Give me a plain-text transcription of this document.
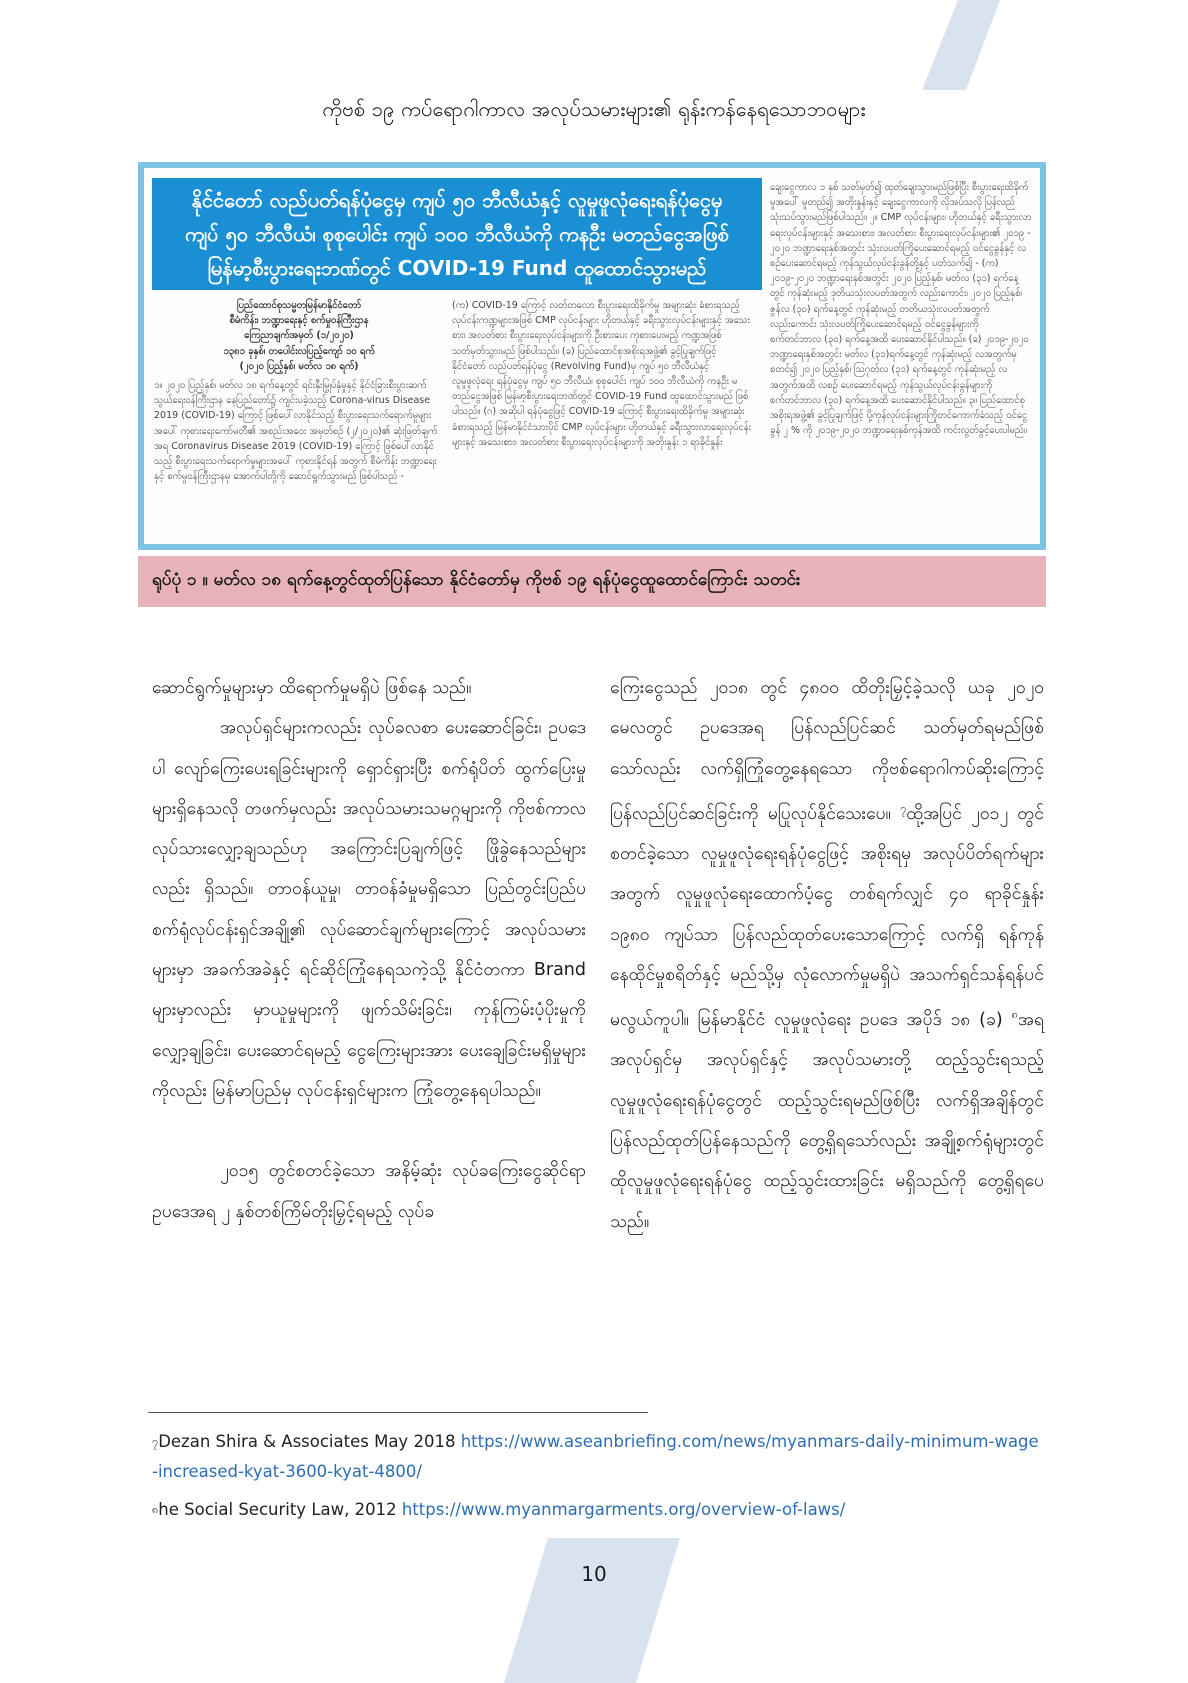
ကိုဗစ် ၁၉ ကပ်ရောဂါကာလ အလုပ်သမားများ၏ ရုန်းကန်နေရသောဘဝများ
နိုင်ငံတော် လည်ပတ်ရန်ပုံငွေမှ ကျပ် ၅၀ ဘီလီယံနှင့် လူမှုဖူလုံရေးရန်ပုံငွေမှ
ကျပ် ၅၀ ဘီလီယံ၊ စုစုပေါင်း ကျပ် ၁၀၀ ဘီလီယံကို ကနဦး မတည်ငွေအဖြစ်
မြန်မာ့စီးပွားရေးဘဏ်တွင် COVID-19 Fund ထူထောင်သွားမည်

ပြည်ထောင်စုသမ္မတမြန်မာနိုင်ငံတော်

စီမံကိန်း၊ ဘဏ္ဍာရေးနှင့် စက်မှုဝန်ကြီးဌာန

ကြေညာချက်အမှတ် (၁/၂၀၂၀)

၁၃၈၁ ခုနှစ်၊ တပေါင်းလပြည့်ကျော် ၁၀ ရက်

(၂၀၂၀ ပြည့်နှစ်၊ မတ်လ ၁၈ ရက်)

၁။ ၂၀၂၀ ပြည့်နှစ်၊ မတ်လ ၁၈ ရက်နေ့တွင် ရင်းနှီးမြှုပ်နှံမှုနှင့် နိုင်ငံခြားစီးပွားဆက်သွယ်ရေးဝန်ကြီးဌာန နေပြည်တော်၌ ကျင်းပခဲ့သည့် Corona-virus Disease 2019 (COVID-19) ကြောင့် ဖြစ်ပေါ်လာနိုင်သည့် စီးပွားရေးသက်ရောက်မှုများအပေါ် ကုစားရေးကော်မတီ၏ အစည်းအဝေး အမှတ်စဉ် (၂/၂၀၂၀)၏ ဆုံးဖြတ်ချက်အရ Coronavirus Disease 2019 (COVID-19) ကြောင့် ဖြစ်ပေါ်လာနိုင်သည့် စီးပွားရေးသက်ရောက်မှုများအပေါ် ကုစားနိုင်ရန် အတွက် စီမံကိန်း ဘဏ္ဍာရေးနှင့် စက်မှုဝန်ကြီးဌာနမှ အောက်ပါတို့ကို ဆောင်ရွက်သွားမည် ဖြစ်ပါသည် -

(က) COVID-19 ကြောင့် လတ်တလော စီးပွားရေးထိခိုက်မှု အများဆုံး ခံစားရသည့် လုပ်ငန်းကဏ္ဍများအဖြစ် CMP လုပ်ငန်းများ ဟိုတယ်နှင့် ခရီးသွားလုပ်ငန်းများနှင့် အသေးစား၊ အလတ်စား စီးပွားရေးလုပ်ငန်းများကို ဦးစားပေး ကုစားပေးမည့် ကဏ္ဍအဖြစ် သတ်မှတ်သွားမည် ဖြစ်ပါသည်။ (ခ) ပြည်ထောင်စုအစိုးရအဖွဲ့၏ ခွင့်ပြုချက်ဖြင့် နိုင်ငံတော် လည်ပတ်ရန်ပုံငွေ (Revolving Fund)မှ ကျပ် ၅၀ ဘီလီယံနှင့် လူမှုဖူလုံရေး ရန်ပုံငွေမှ ကျပ် ၅၀ ဘီလီယံ၊ စုစုပေါင်း ကျပ် ၁၀၀ ဘီလီယံကို ကနဦး မတည်ငွေအဖြစ် မြန်မာ့စီးပွားရေးဘဏ်တွင် COVID-19 Fund ထူထောင်သွားမည် ဖြစ်ပါသည်။ (ဂ) အဆိုပါ ရန်ပုံငွေဖြင့် COVID-19 ကြောင့် စီးပွားရေးထိခိုက်မှု အများဆုံး ခံစားရသည့် မြန်မာနိုင်ငံသားပိုင် CMP လုပ်ငန်းများ ဟိုတယ်နှင့် ခရီးသွားလာရေးလုပ်ငန်းများနှင့် အသေးစား၊ အလတ်စား စီးပွားရေးလုပ်ငန်းများကို အတိုးနှုန်း ၁ ရာခိုင်နှုန်း

ချေးငွေကာလ ၁ နှစ် သတ်မှတ်၍ ထုတ်ချေးသွားမည်ဖြစ်ပြီး စီးပွားရေးထိခိုက်မှုအပေါ် မူတည်၍ အတိုးနှုန်းနှင့် ချေးငွေကာလကို လိုအပ်သလို ပြန်လည်သုံးသပ်သွားမည်ဖြစ်ပါသည်။ ၂။ CMP လုပ်ငန်းများ၊ ဟိုတယ်နှင့် ခရီးသွားလာရေးလုပ်ငန်းများနှင့် အသေးစား၊ အလတ်စား စီးပွားရေးလုပ်ငန်းများ၏ ၂၀၁၉ - ၂၀၂၀ ဘဏ္ဍာရေးနှစ်အတွင်း သုံးလပတ်ကြိုပေးဆောင်ရမည့် ဝင်ငွေခွန်နှင့် လစဉ်ပေးဆောင်ရမည့် ကုန်သွယ်လုပ်ငန်းခွန်တို့နှင့် ပတ်သက်၍ - (က) ၂၀၁၉-၂၀၂၀ ဘဏ္ဍာရေးနှစ်အတွင်း ၂၀၂၀ ပြည့်နှစ်၊ မတ်လ (၃၁) ရက်နေ့တွင် ကုန်ဆုံးမည့် ဒုတိယသုံးလပတ်အတွက် လည်းကောင်း၊ ၂၀၂၀ ပြည့်နှစ်၊ ဇွန်လ (၃၀) ရက်နေ့တွင် ကုန်ဆုံးမည့် တတိယသုံးလပတ်အတွက်လည်းကောင်း သုံးလပတ်ကြိုပေးဆောင်ရမည့် ဝင်ငွေခွန်များကို စက်တင်ဘာလ (၃၀) ရက်နေ့အထိ ပေးဆောင်နိုင်ပါသည်။ (ခ) ၂၀၁၉-၂၀၂၀ ဘဏ္ဍာရေးနှစ်အတွင်း မတ်လ (၃၁)ရက်နေ့တွင် ကုန်ဆုံးမည့် လအတွက်မှ စတင်၍ ၂၀၂၀ ပြည့်နှစ်၊ ဩဂုတ်လ (၃၁) ရက်နေ့တွင် ကုန်ဆုံးမည့် လအတွက်အထိ လစဉ် ပေးဆောင်ရမည့် ကုန်သွယ်လုပ်ငန်းခွန်များကို စက်တင်ဘာလ (၃၀) ရက်နေ့အထိ ပေးဆောင်နိုင်ပါသည်။ ၃။ ပြည်ထောင်စုအစိုးရအဖွဲ့၏ ခွင့်ပြုချက်ဖြင့် ပို့ကုန်လုပ်ငန်းများကြိုတင်ကောက်ခံသည့် ဝင်ငွေခွန် ၂ % ကို ၂၀၁၉-၂၀၂၀ ဘဏ္ဍာရေးနှစ်ကုန်အထိ ကင်းလွတ်ခွင့်ပေးပါမည်။

ရုပ်ပုံ ၁ ။ မတ်လ ၁၈ ရက်နေ့တွင်ထုတ်ပြန်သော နိုင်ငံတော်မှ ကိုဗစ် ၁၉ ရန်ပုံငွေထူထောင်ကြောင်း သတင်း

ဆောင်ရွက်မှုများမှာ ထိရောက်မှုမရှိပဲ ဖြစ်နေ သည်။

အလုပ်ရှင်များကလည်း လုပ်ခလစာ ပေးဆောင်ခြင်း၊ ဥပဒေပါ လျော်ကြေးပေးရခြင်းများကို ရှောင်ရှားပြီး စက်ရုံပိတ် ထွက်ပြေးမှုများရှိနေသလို တဖက်မှလည်း အလုပ်သမားသမဂ္ဂများကို ကိုဗစ်ကာလ လုပ်သားလျှော့ချသည်ဟု အကြောင်းပြချက်ဖြင့် ဖြိုခွဲနေသည်များလည်း ရှိသည်။ တာဝန်ယူမှု၊ တာဝန်ခံမှုမရှိသော ပြည်တွင်းပြည်ပ စက်ရုံလုပ်ငန်းရှင်အချို့၏ လုပ်ဆောင်ချက်များကြောင့် အလုပ်သမားများမှာ အခက်အခဲနှင့် ရင်ဆိုင်ကြုံနေရသကဲ့သို့ နိုင်ငံတကာ Brand များမှာလည်း မှာယူမှုများကို ဖျက်သိမ်းခြင်း၊ ကုန်ကြမ်းပံ့ပိုးမှုကို လျှော့ချခြင်း၊ ပေးဆောင်ရမည့် ငွေကြေးများအား ပေးချေခြင်းမရှိမှုများကိုလည်း မြန်မာပြည်မှ လုပ်ငန်းရှင်များက ကြုံတွေ့နေရပါသည်။

၂၀၁၅ တွင်စတင်ခဲ့သော အနိမ့်ဆုံး လုပ်ခကြေးငွေဆိုင်ရာ ဥပဒေအရ ၂ နှစ်တစ်ကြိမ်တိုးမြှင့်ရမည့် လုပ်ခ

ကြေးငွေသည် ၂၀၁၈ တွင် ၄၈၀၀ ထိတိုးမြှင့်ခဲ့သလို ယခု ၂၀၂၀ မေလတွင် ဥပဒေအရ ပြန်လည်ပြင်ဆင် သတ်မှတ်ရမည်ဖြစ်သော်လည်း လက်ရှိကြုံတွေ့နေရသော ကိုဗစ်ရောဂါကပ်ဆိုးကြောင့် ပြန်လည်ပြင်ဆင်ခြင်းကို မပြုလုပ်နိုင်သေးပေ။ $^၇$ထို့အပြင် ၂၀၁၂ တွင် စတင်ခဲ့သော လူမှုဖူလုံရေးရန်ပုံငွေဖြင့် အစိုးရမှ အလုပ်ပိတ်ရက်များအတွက် လူမှုဖူလုံရေးထောက်ပံ့ငွေ တစ်ရက်လျှင် ၄၀ ရာခိုင်နှုန်း ၁၉၈၀ ကျပ်သာ ပြန်လည်ထုတ်ပေးသောကြောင့် လက်ရှိ ရန်ကုန်နေထိုင်မှုစရိတ်နှင့် မည်သို့မှ လုံလောက်မှုမရှိပဲ အသက်ရှင်သန်ရန်ပင် မလွယ်ကူပါ။ မြန်မာနိုင်ငံ လူမှုဖူလုံရေး ဥပဒေ အပိုဒ် ၁၈ (ခ) $^၈$အရ အလုပ်ရှင်မှ အလုပ်ရှင်နှင့် အလုပ်သမားတို့ ထည့်သွင်းရသည့် လူမှုဖူလုံရေးရန်ပုံငွေတွင် ထည့်သွင်းရမည်ဖြစ်ပြီး လက်ရှိအချိန်တွင် ပြန်လည်ထုတ်ပြန်နေသည်ကို တွေ့ရှိရသော်လည်း အချို့စက်ရုံများတွင် ထိုလူမှုဖူလုံရေးရန်ပုံငွေ ထည့်သွင်းထားခြင်း မရှိသည်ကို တွေ့ရှိရပေသည်။

$^၇$Dezan Shira & Associates May 2018 https://www.aseanbriefing.com/news/myanmars-daily-minimum-wage
-increased-kyat-3600-kyat-4800/
$^၈$he Social Security Law, 2012 https://www.myanmargarments.org/overview-of-laws/
10
